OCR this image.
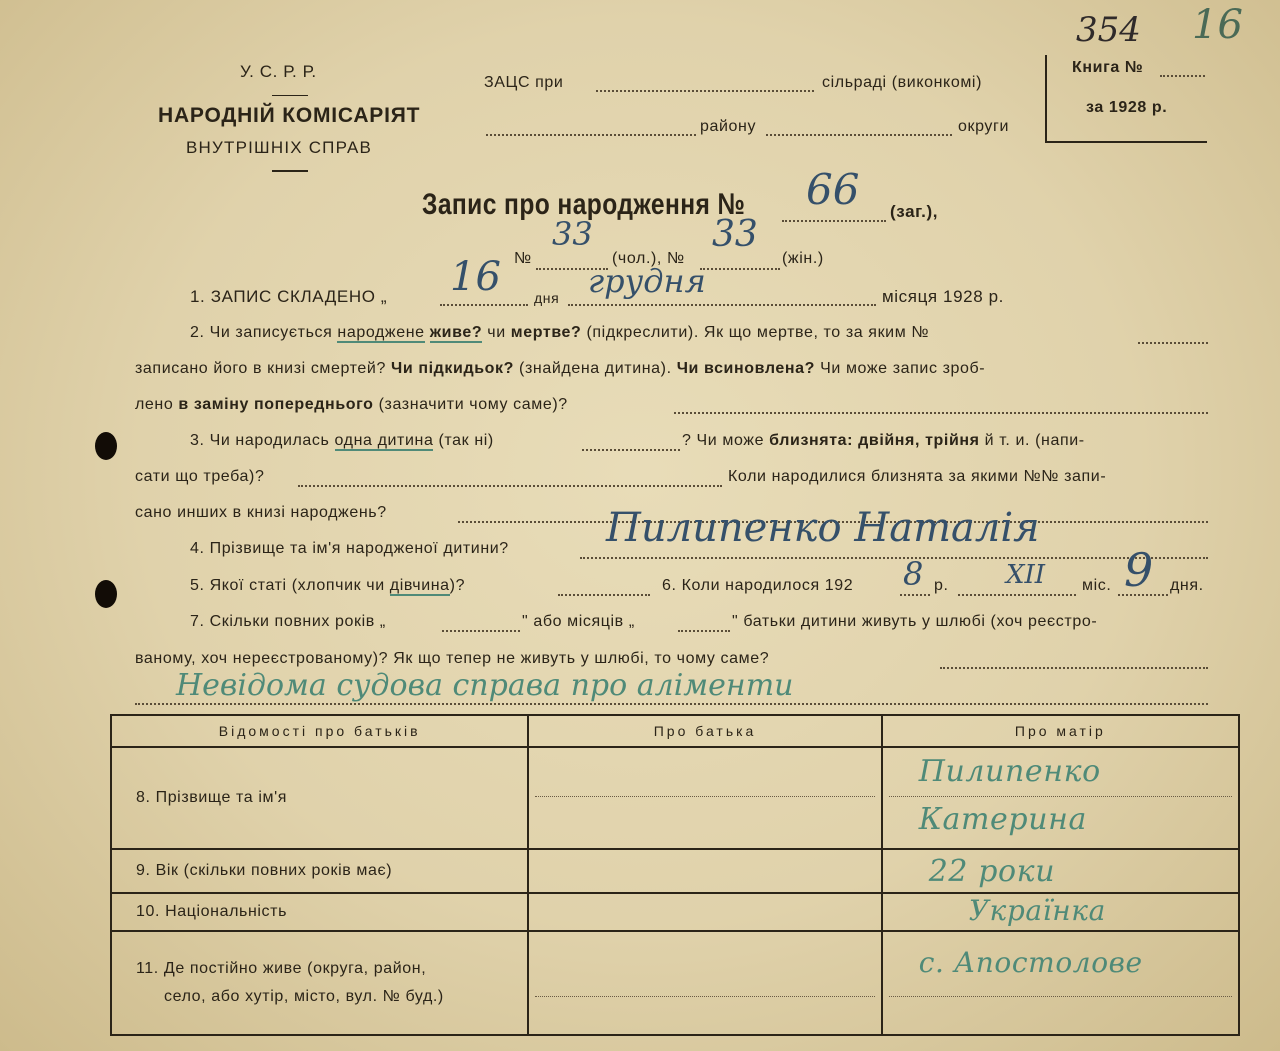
У. С. Р. Р.
НАРОДНІЙ КОМІСАРІЯТ
ВНУТРІШНІХ СПРАВ
ЗАЦС при	сільраді (виконкомі)
району	округи
Книга №
за 1928 р.
354 16
Запис про народження № 66 (заг.),
№
33
(чол.), №
33
(жін.)
1. ЗАПИС СКЛАДЕНО „ 16 дня грудня	місяця 1928 р.
2. Чи записується народжене живе? чи мертве? (підкреслити). Як що мертве, то за яким №
записано його в книзі смертей? Чи підкидьок? (знайдена дитина). Чи всиновлена? Чи може запис зроб-
лено в заміну попереднього (зазначити чому саме)?
3. Чи народилась одна дитина (так ні)	? Чи може близнята: двійня, трійня й т. и. (напи-
сати що треба)?	Коли народилися близнята за якими №№ запи-
сано инших в книзі народжень?
4. Прізвище та ім'я народженої дитини? Пилипенко Наталія
5. Якої статі (хлопчик чи дівчина)?	6. Коли народилося 192 8 р. XII міс. 9 дня.
7. Скільки повних років „	" або місяців „	" батьки дитини живуть у шлюбі (хоч реєстро-
ваному, хоч нереєстрованому)? Як що тепер не живуть у шлюбі, то чому саме?
Невідома судова справа про аліменти
Відомості про батьків	Про батька	Про матір
8. Прізвище та ім'я		Пилипенко
Катерина

9. Вік (скільки повних років має)		22 роки

10. Національність		Українка

11. Де постійно живе (округа, район,
село, або хутір, місто, вул. № буд.)		с. Апостолове
